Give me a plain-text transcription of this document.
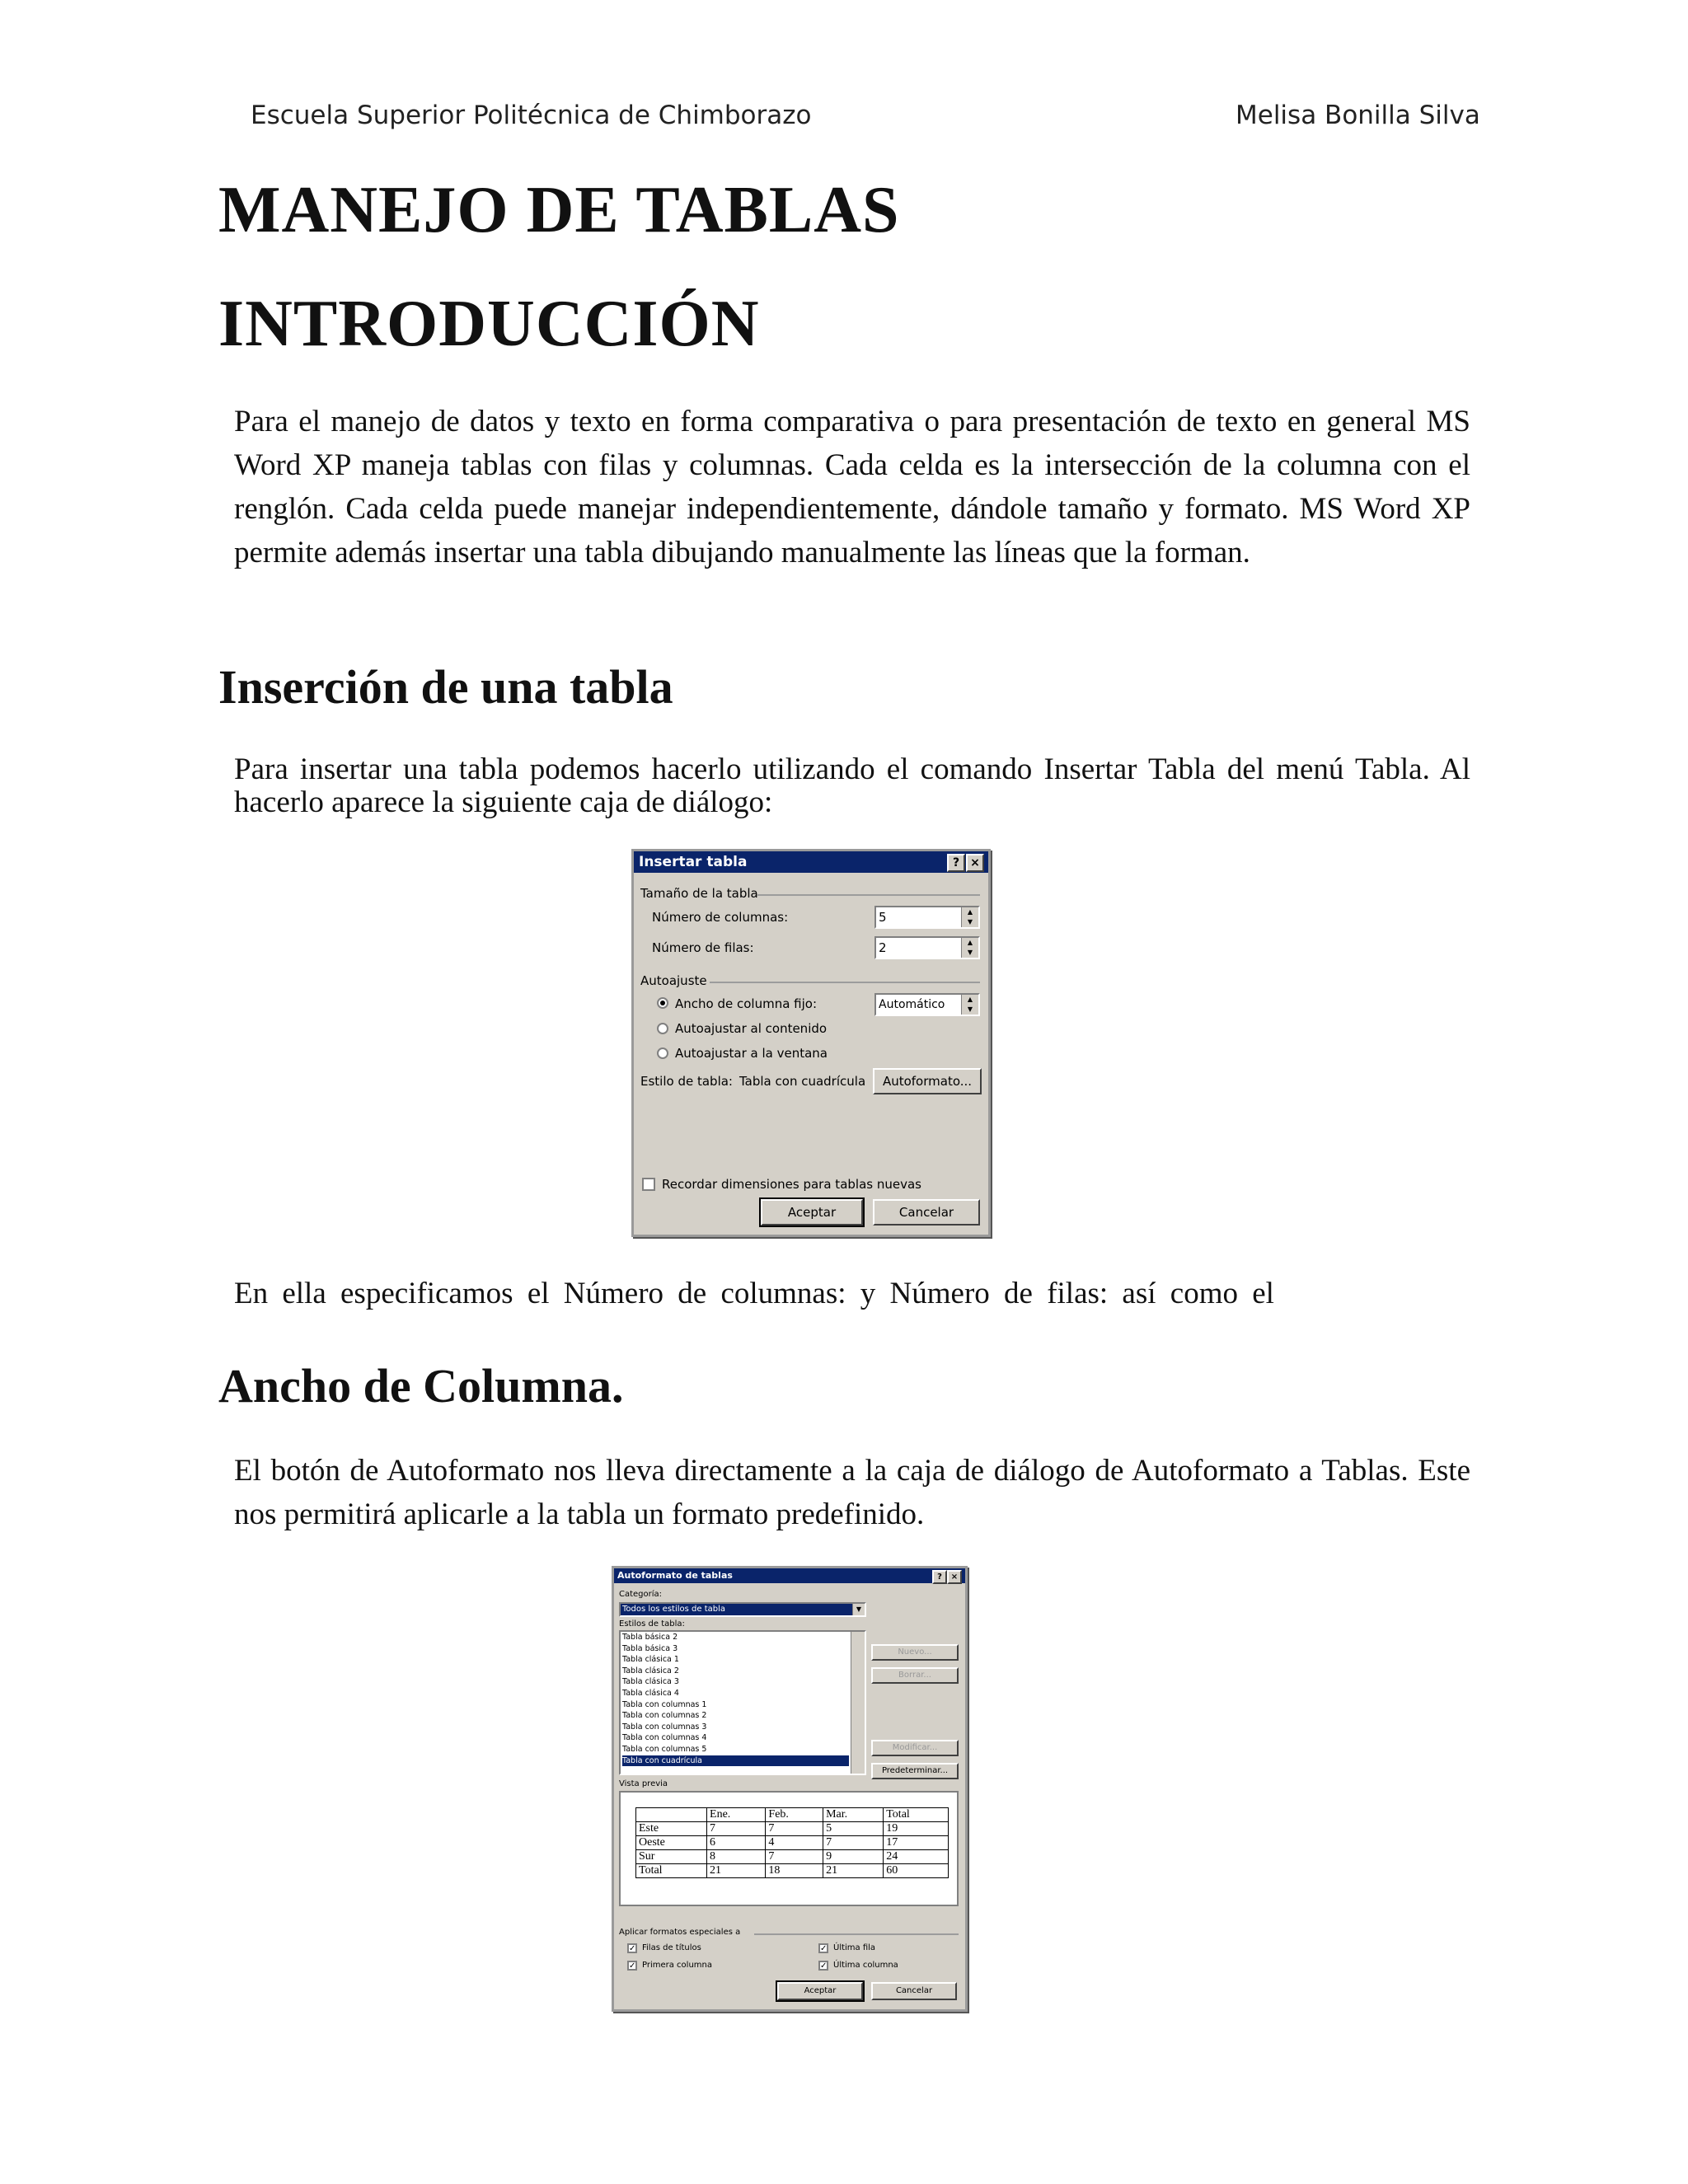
Escuela Superior Politécnica de Chimborazo	Melisa Bonilla Silva
MANEJO DE TABLAS
INTRODUCCIÓN
Para el manejo de datos y texto en forma comparativa o para presentación de texto en general MS Word XP maneja tablas con filas y columnas. Cada celda es la intersección de la columna con el renglón. Cada celda puede manejar independientemente, dándole tamaño y formato. MS Word XP permite además insertar una tabla dibujando manualmente las líneas que la forman.
Inserción de una tabla
Para insertar una tabla podemos hacerlo utilizando el comando Insertar Tabla del menú Tabla. Al hacerlo aparece la siguiente caja de diálogo:
Insertar tabla	? ×
Tamaño de la tabla
Número de columnas:	5	▲
▼
Número de filas:	2	▲
▼
Autoajuste
Ancho de columna fijo:	Automático	▲
▼
Autoajustar al contenido
Autoajustar a la ventana
Estilo de tabla: Tabla con cuadrícula	Autoformato...
Recordar dimensiones para tablas nuevas
Aceptar	Cancelar
En ella especificamos el Número de columnas: y Número de filas: así como el
Ancho de Columna.
El botón de Autoformato nos lleva directamente a la caja de diálogo de Autoformato a Tablas. Este nos permitirá aplicarle a la tabla un formato predefinido.
Autoformato de tablas	?	×
Categoría:
Todos los estilos de tabla	▼
Estilos de tabla:
Tabla básica 2
Tabla básica 3
Tabla clásica 1
Tabla clásica 2
Tabla clásica 3
Tabla clásica 4
Tabla con columnas 1
Tabla con columnas 2
Tabla con columnas 3
Tabla con columnas 4
Tabla con columnas 5
Tabla con cuadrícula
Nuevo...
Borrar...
Modificar...
Predeterminar...
Vista previa
	Ene.	Feb.	Mar.	Total
Este	7	7	5	19
Oeste	6	4	7	17
Sur	8	7	9	24
Total	21	18	21	60
Aplicar formatos especiales a
✓ Filas de títulos
✓ Primera columna
✓ Última fila
✓ Última columna
Aceptar	Cancelar
